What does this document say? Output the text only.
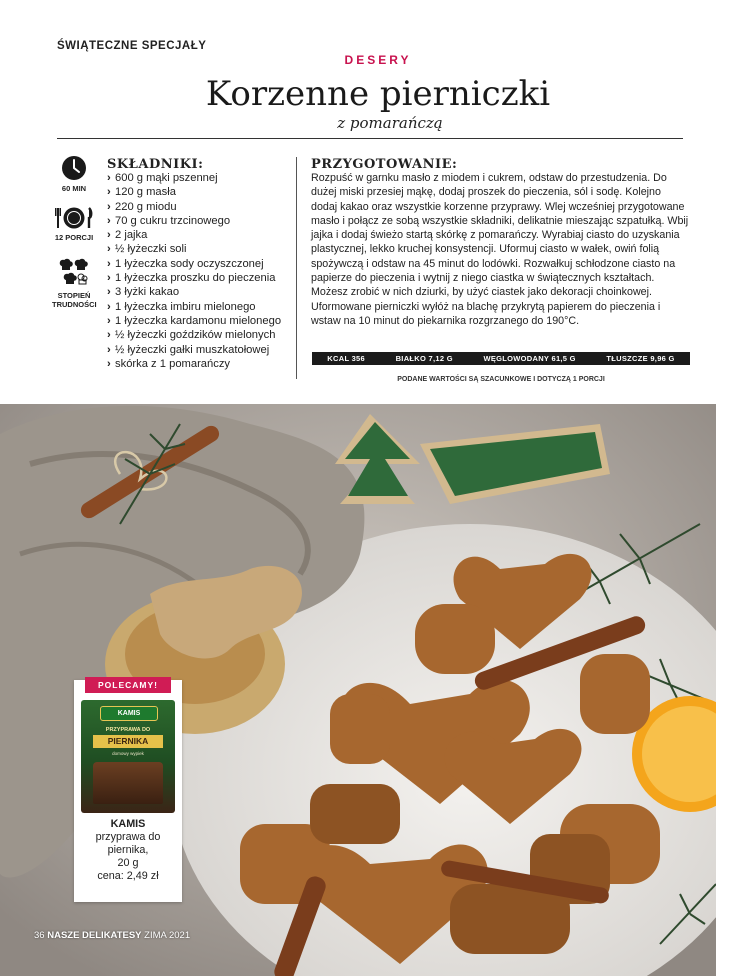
ŚWIĄTECZNE SPECJAŁY
DESERY
Korzenne pierniczki
z pomarańczą
60 MIN
12 PORCJI
STOPIEŃ
TRUDNOŚCI
SKŁADNIKI:
› 600 g mąki pszennej
› 120 g masła
› 220 g miodu
› 70 g cukru trzcinowego
› 2 jajka
› ½ łyżeczki soli
› 1 łyżeczka sody oczyszczonej
› 1 łyżeczka proszku do pieczenia
› 3 łyżki kakao
› 1 łyżeczka imbiru mielonego
› 1 łyżeczka kardamonu mielonego
› ½ łyżeczki goździków mielonych
› ½ łyżeczki gałki muszkatołowej
› skórka z 1 pomarańczy
PRZYGOTOWANIE:
Rozpuść w garnku masło z miodem i cukrem, odstaw do przestudzenia. Do dużej miski przesiej mąkę, dodaj proszek do pieczenia, sól i sodę. Kolejno dodaj kakao oraz wszystkie korzenne przyprawy. Wlej wcześniej przygotowane masło i połącz ze sobą wszystkie składniki, delikatnie mieszając szpatułką. Wbij jajka i dodaj świeżo startą skórkę z pomarańczy. Wyrabiaj ciasto do uzyskania plastycznej, lekko kruchej konsystencji. Uformuj ciasto w wałek, owiń folią spożywczą i odstaw na 45 minut do lodówki. Rozwałkuj schłodzone ciasto na papierze do pieczenia i wytnij z niego ciastka w świątecznych kształtach. Możesz zrobić w nich dziurki, by użyć ciastek jako dekoracji choinkowej. Uformowane pierniczki wyłóż na blachę przykrytą papierem do pieczenia i wstaw na 10 minut do piekarnika rozgrzanego do 190°C.
KCAL 356	BIAŁKO 7,12 G	WĘGLOWODANY 61,5 G	TŁUSZCZE 9,96 G
PODANE WARTOŚCI SĄ SZACUNKOWE I DOTYCZĄ 1 PORCJI
POLECAMY!
KAMIS
PRZYPRAWA DO
PIERNIKA
domowy wypiek
KAMIS
przyprawa do piernika,
20 g
cena: 2,49 zł
36 NASZE DELIKATESY ZIMA 2021
